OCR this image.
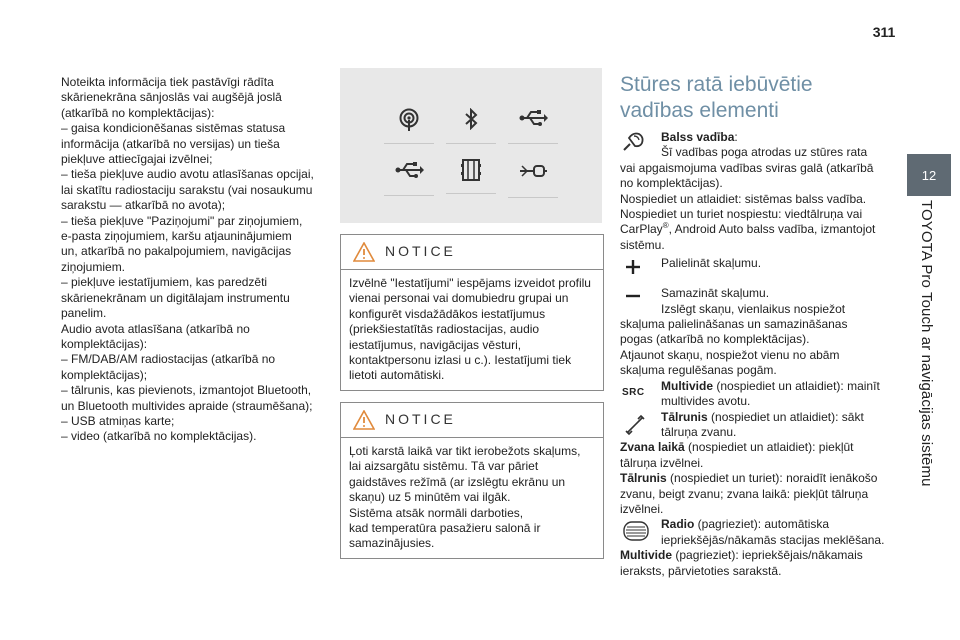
311
12
TOYOTA Pro Touch ar navigācijas sistēmu

Noteikta informācija tiek pastāvīgi rādīta

skārienekrāna sānjoslās vai augšējā joslā

(atkarībā no komplektācijas):

– gaisa kondicionēšanas sistēmas statusa

informācija (atkarībā no versijas) un tieša

piekļuve attiecīgajai izvēlnei;

– tieša piekļuve audio avotu atlasīšanas opcijai,

lai skatītu radiostaciju sarakstu (vai nosaukumu

sarakstu — atkarībā no avota);

– tieša piekļuve "Paziņojumi" par ziņojumiem,

e-pasta ziņojumiem, karšu atjauninājumiem

un, atkarībā no pakalpojumiem, navigācijas

ziņojumiem.

– piekļuve iestatījumiem, kas paredzēti

skārienekrānam un digitālajam instrumentu

panelim.

Audio avota atlasīšana (atkarībā no

komplektācijas):

– FM/DAB/AM radiostacijas (atkarībā no

komplektācijas);

– tālrunis, kas pievienots, izmantojot Bluetooth,

un Bluetooth multivides apraide (straumēšana);

– USB atmiņas karte;

– video (atkarībā no komplektācijas).

NOTICE

Izvēlnē "Iestatījumi" iespējams izveidot profilu

vienai personai vai domubiedru grupai un

konfigurēt visdažādākos iestatījumus

(priekšiestatītās radiostacijas, audio

iestatījumus, navigācijas vēsturi,

kontaktpersonu izlasi u c.). Iestatījumi tiek

lietoti automātiski.

NOTICE

Ļoti karstā laikā var tikt ierobežots skaļums,

lai aizsargātu sistēmu. Tā var pāriet

gaidstāves režīmā (ar izslēgtu ekrānu un

skaņu) uz 5 minūtēm vai ilgāk.

Sistēma atsāk normāli darboties,

kad temperatūra pasažieru salonā ir

samazinājusies.

Stūres ratā iebūvētie
vadības elementi

Balss vadība:

Šī vadības poga atrodas uz stūres rata

vai apgaismojuma vadības sviras galā (atkarībā

no komplektācijas).

Nospiediet un atlaidiet: sistēmas balss vadība.

Nospiediet un turiet nospiestu: viedtālruņa vai

CarPlay®, Android Auto balss vadība, izmantojot

sistēmu.

Palielināt skaļumu.

Samazināt skaļumu.

Izslēgt skaņu, vienlaikus nospiežot

skaļuma palielināšanas un samazināšanas

pogas (atkarībā no komplektācijas).

Atjaunot skaņu, nospiežot vienu no abām

skaļuma regulēšanas pogām.

SRC	Multivide (nospiediet un atlaidiet): mainīt

multivides avotu.

Tālrunis (nospiediet un atlaidiet): sākt

tālruņa zvanu.

Zvana laikā (nospiediet un atlaidiet): piekļūt

tālruņa izvēlnei.

Tālrunis (nospiediet un turiet): noraidīt ienākošo

zvanu, beigt zvanu; zvana laikā: piekļūt tālruņa

izvēlnei.

Radio (pagrieziet): automātiska

iepriekšējās/nākamās stacijas meklēšana.

Multivide (pagrieziet): iepriekšējais/nākamais

ieraksts, pārvietoties sarakstā.
